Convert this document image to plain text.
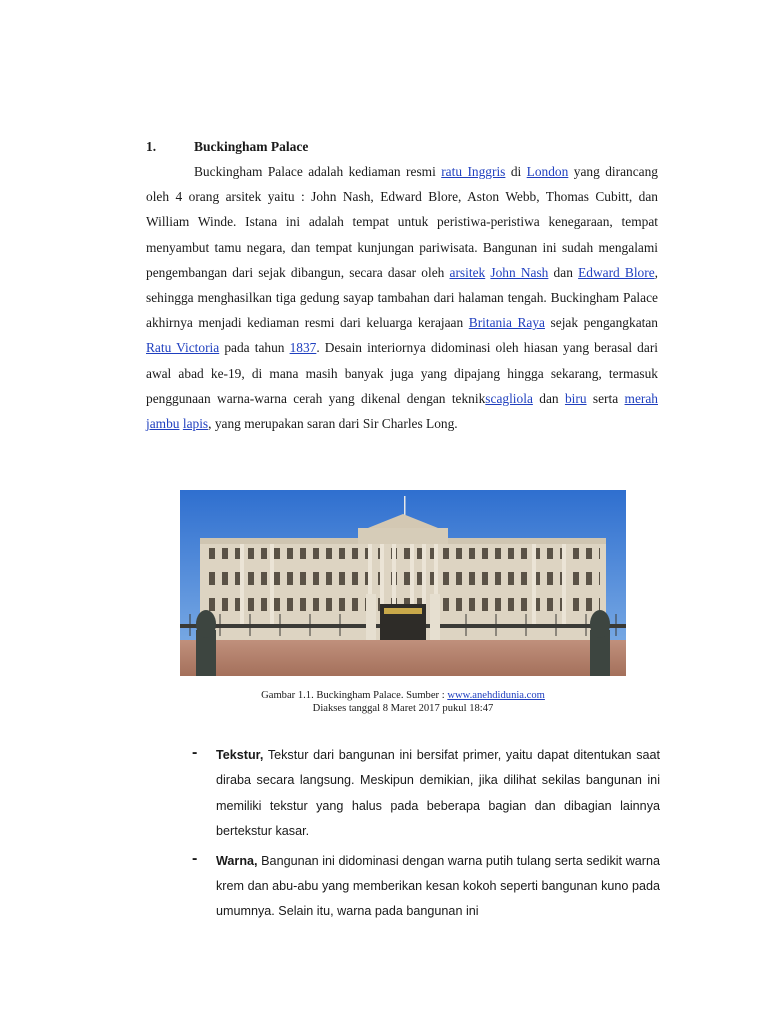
1.	Buckingham Palace

Buckingham Palace adalah kediaman resmi ratu Inggris di London yang dirancang oleh 4 orang arsitek yaitu : John Nash, Edward Blore, Aston Webb, Thomas Cubitt, dan William Winde. Istana ini adalah tempat untuk peristiwa-peristiwa kenegaraan, tempat menyambut tamu negara, dan tempat kunjungan pariwisata. Bangunan ini sudah mengalami pengembangan dari sejak dibangun, secara dasar oleh arsitek John Nash dan Edward Blore, sehingga menghasilkan tiga gedung sayap tambahan dari halaman tengah. Buckingham Palace akhirnya menjadi kediaman resmi dari keluarga kerajaan Britania Raya sejak pengangkatan Ratu Victoria pada tahun 1837. Desain interiornya didominasi oleh hiasan yang berasal dari awal abad ke-19, di mana masih banyak juga yang dipajang hingga sekarang, termasuk penggunaan warna-warna cerah yang dikenal dengan teknikscagliola dan biru serta merah jambu lapis, yang merupakan saran dari Sir Charles Long.

Gambar 1.1. Buckingham Palace. Sumber : www.anehdidunia.com
Diakses tanggal 8 Maret 2017 pukul 18:47
- Tekstur, Tekstur dari bangunan ini bersifat primer, yaitu dapat ditentukan saat diraba secara langsung. Meskipun demikian, jika dilihat sekilas bangunan ini memiliki tekstur yang halus pada beberapa bagian dan dibagian lainnya bertekstur kasar.
- Warna, Bangunan ini didominasi dengan warna putih tulang serta sedikit warna krem dan abu-abu yang memberikan kesan kokoh seperti bangunan kuno pada umumnya. Selain itu, warna pada bangunan ini
